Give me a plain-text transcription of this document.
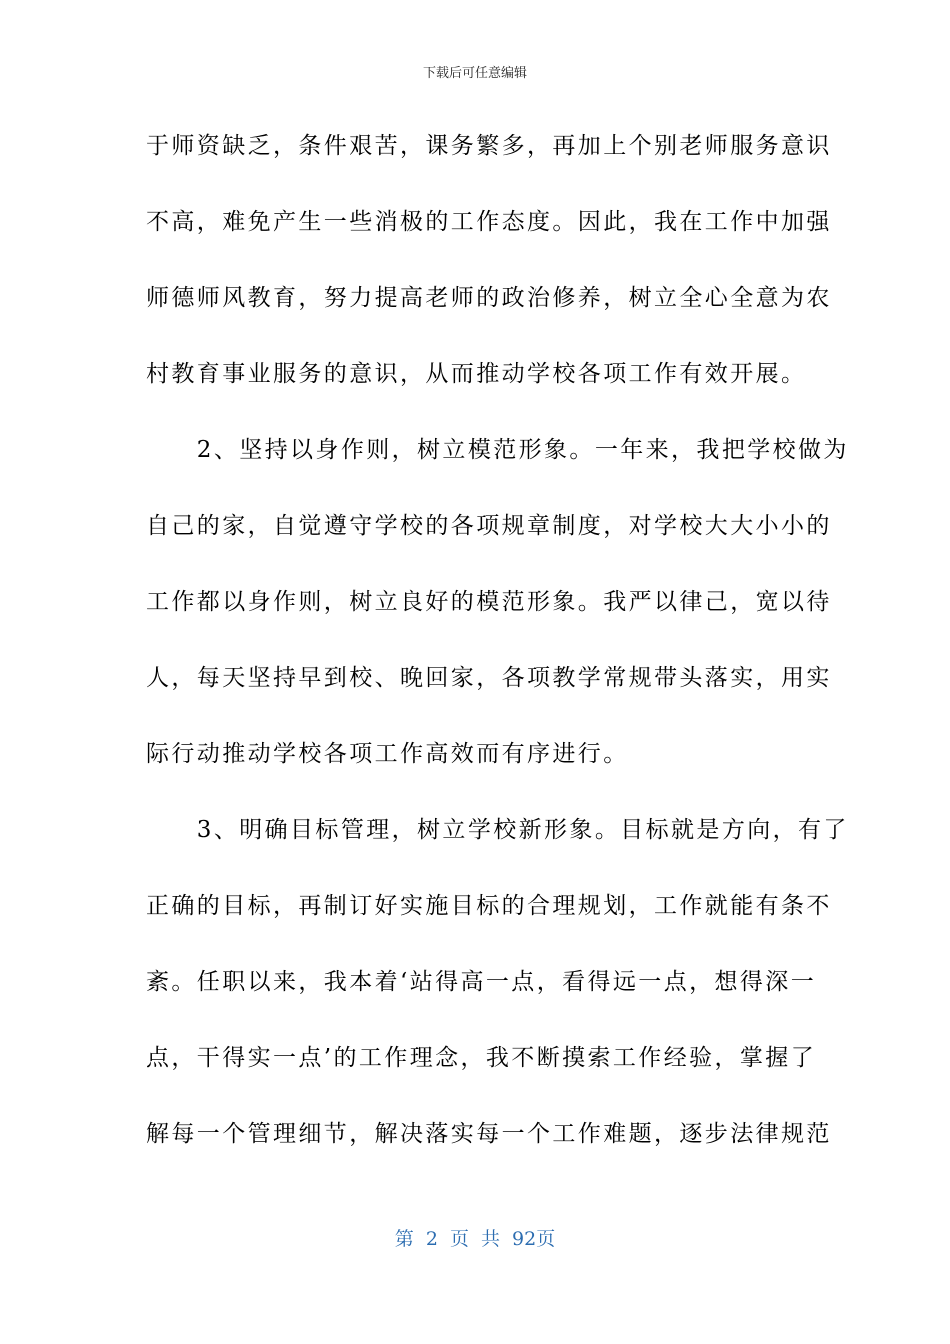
下载后可任意编辑
于师资缺乏，条件艰苦，课务繁多，再加上个别老师服务意识
不高，难免产生一些消极的工作态度。因此，我在工作中加强
师德师风教育，努力提高老师的政治修养，树立全心全意为农
村教育事业服务的意识，从而推动学校各项工作有效开展。
　　2、坚持以身作则，树立模范形象。一年来，我把学校做为
自己的家，自觉遵守学校的各项规章制度，对学校大大小小的
工作都以身作则，树立良好的模范形象。我严以律己，宽以待
人，每天坚持早到校、晚回家，各项教学常规带头落实，用实
际行动推动学校各项工作高效而有序进行。
　　3、明确目标管理，树立学校新形象。目标就是方向，有了
正确的目标，再制订好实施目标的合理规划，工作就能有条不
紊。任职以来，我本着‘站得高一点，看得远一点，想得深一
点，干得实一点’的工作理念，我不断摸索工作经验，掌握了
解每一个管理细节，解决落实每一个工作难题，逐步法律规范
第 2 页 共 92页
